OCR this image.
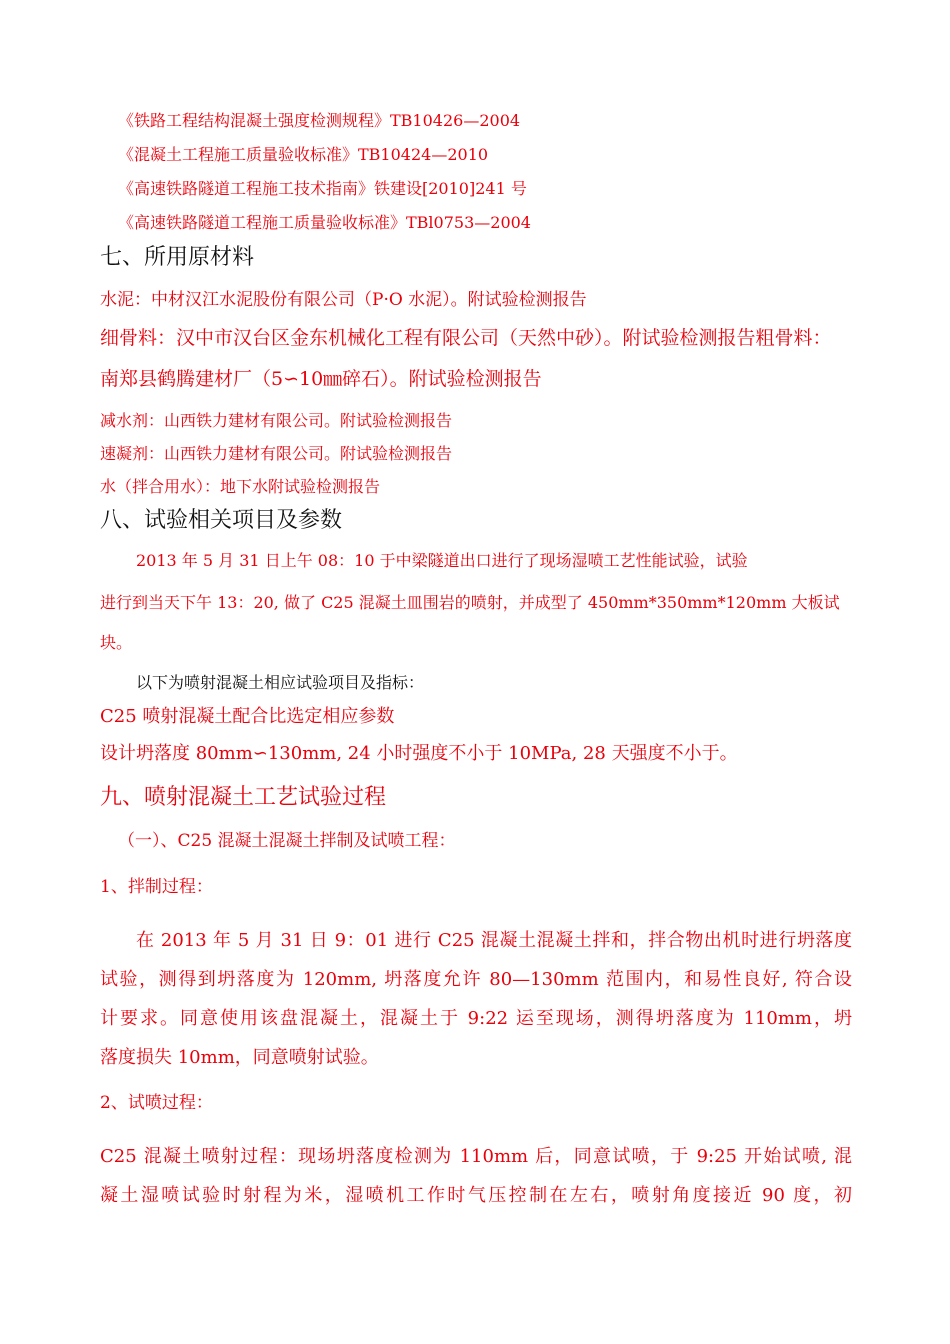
《铁路工程结构混凝土强度检测规程》TB10426—2004
《混凝土工程施工质量验收标准》TB10424—2010
《高速铁路隧道工程施工技术指南》铁建设[2010]241 号
《高速铁路隧道工程施工质量验收标准》TBl0753—2004
七、所用原材料
水泥：中材汉江水泥股份有限公司（P·O 水泥）。附试验检测报告
细骨料：汉中市汉台区金东机械化工程有限公司（天然中砂）。附试验检测报告粗骨料：
南郑县鹤腾建材厂（5∽10㎜碎石）。附试验检测报告
减水剂：山西铁力建材有限公司。附试验检测报告
速凝剂：山西铁力建材有限公司。附试验检测报告
水（拌合用水）：地下水附试验检测报告
八、试验相关项目及参数
2013 年 5 月 31 日上午 08：10 于中梁隧道出口进行了现场湿喷工艺性能试验，试验
进行到当天下午 13：20, 做了 C25 混凝土皿围岩的喷射，并成型了 450mm*350mm*120mm 大板试
块。
以下为喷射混凝土相应试验项目及指标：
C25 喷射混凝土配合比选定相应参数
设计坍落度 80mm∽130mm, 24 小时强度不小于 10MPa, 28 天强度不小于。
九、喷射混凝土工艺试验过程
（一）、C25 混凝土混凝土拌制及试喷工程：
1、拌制过程：
在 2013 年 5 月 31 日 9：01 进行 C25 混凝土混凝土拌和，拌合物出机时进行坍落度
试验，测得到坍落度为 120mm, 坍落度允许 80—130mm 范围内，和易性良好, 符合设
计要求。同意使用该盘混凝土，混凝土于 9:22 运至现场，测得坍落度为 110mm，坍
落度损失 10mm，同意喷射试验。
2、试喷过程：
C25 混凝土喷射过程：现场坍落度检测为 110mm 后，同意试喷，于 9:25 开始试喷, 混
凝土湿喷试验时射程为米，湿喷机工作时气压控制在左右，喷射角度接近 90 度，初
